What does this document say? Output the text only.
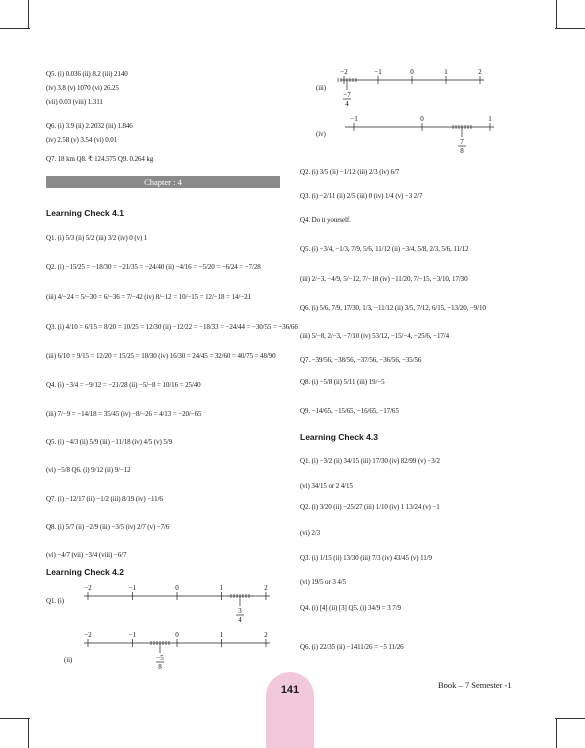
Q5. (i) 0.036 (ii) 8.2 (iii) 2140
(iv) 3.8 (v) 1070 (vi) 26.25
(vii) 0.03 (viii) 1.311
Q6. (i) 3.9 (ii) 2.2032 (iii) 1.846
(iv) 2.58 (v) 3.54 (vi) 0.01
Q7. 18 km Q8. ₹ 124.575 Q9. 0.264 kg
Chapter : 4
Learning Check 4.1
Q1. (i) 5/3 (ii) 5/2 (iii) 3/2 (iv) 0 (v) 1
Q2. (i) −15/25 = −18/30 = −21/35 = −24/40 (ii) −4/16 = −5/20 = −6/24 = −7/28
(iii) 4/−24 = 5/−30 = 6/−36 = 7/−42 (iv) 8/−12 = 10/−15 = 12/−18 = 14/−21
Q3. (i) 4/10 = 6/15 = 8/20 = 10/25 = 12/30 (ii) −12/22 = −18/33 = −24/44 = −30/55 = −36/66
(iii) 6/10 = 9/15 = 12/20 = 15/25 = 18/30 (iv) 16/30 = 24/45 = 32/60 = 40/75 = 48/90
Q4. (i) −3/4 = −9/12 = −21/28 (ii) −5/−8 = 10/16 = 25/40
(iii) 7/−9 = −14/18 = 35/45 (iv) −8/−26 = 4/13 = −20/−65
Q5. (i) −4/3 (ii) 5/9 (iii) −11/18 (iv) 4/5 (v) 5/9
(vi) −5/8 Q6. (i) 9/12 (ii) 9/−12
Q7. (i) −12/17 (ii) −1/2 (iii) 8/19 (iv) −11/6
Q8. (i) 5/7 (ii) −2/9 (iii) −3/5 (iv) 2/7 (v) −7/6
(vi) −4/7 (vii) −3/4 (viii) −6/7
Learning Check 4.2
Q1. (i)
(ii)
(iii)
(iv)
Q2. (i) 3/5 (ii) −1/12 (iii) 2/3 (iv) 6/7
Q3. (i) −2/11 (ii) 2/5 (iii) 0 (iv) 1/4 (v) −3 2/7
Q4. Do it yourself.
Q5. (i) −3/4, −1/3, 7/9, 5/6, 11/12 (ii) −3/4, 5/8, 2/3, 5/6, 11/12
(iii) 2/−3, −4/9, 5/−12, 7/−18 (iv) −11/20, 7/−15, −3/10, 17/30
Q6. (i) 5/6, 7/9, 17/30, 1/3, −11/12 (ii) 3/5, 7/12, 6/15, −13/20, −9/10
(iii) 5/−8, 2/−3, −7/10 (iv) 53/12, −15/−4, −25/6, −17/4
Q7. −39/56, −38/56, −37/56, −36/56, −35/56
Q8. (i) −5/8 (ii) 5/11 (iii) 19/−5
Q9. −14/65, −15/65, −16/65, −17/65
Learning Check 4.3
Q1. (i) −3/2 (ii) 34/15 (iii) 17/30 (iv) 82/99 (v) −3/2
(vi) 34/15 or 2 4/15
Q2. (i) 3/20 (ii) −25/27 (iii) 1/10 (iv) 1 13/24 (v) −1
(vi) 2/3
Q3. (i) 1/15 (ii) 13/30 (iii) 7/3 (iv) 43/45 (v) 11/9
(vi) 19/5 or 3 4/5
Q4. (i) [4] (ii) [3] Q5. (i) 34/9 = 3 7/9
Q6. (i) 22/35 (ii) −1411/26 = −5 11/26
−2	−1	0	1	2
3
4
−2	−1	0	1	2
−5
8
−2	−1	0	1	2
−7
4
−1	0	1
7
8
141	Book – 7 Semester -1
